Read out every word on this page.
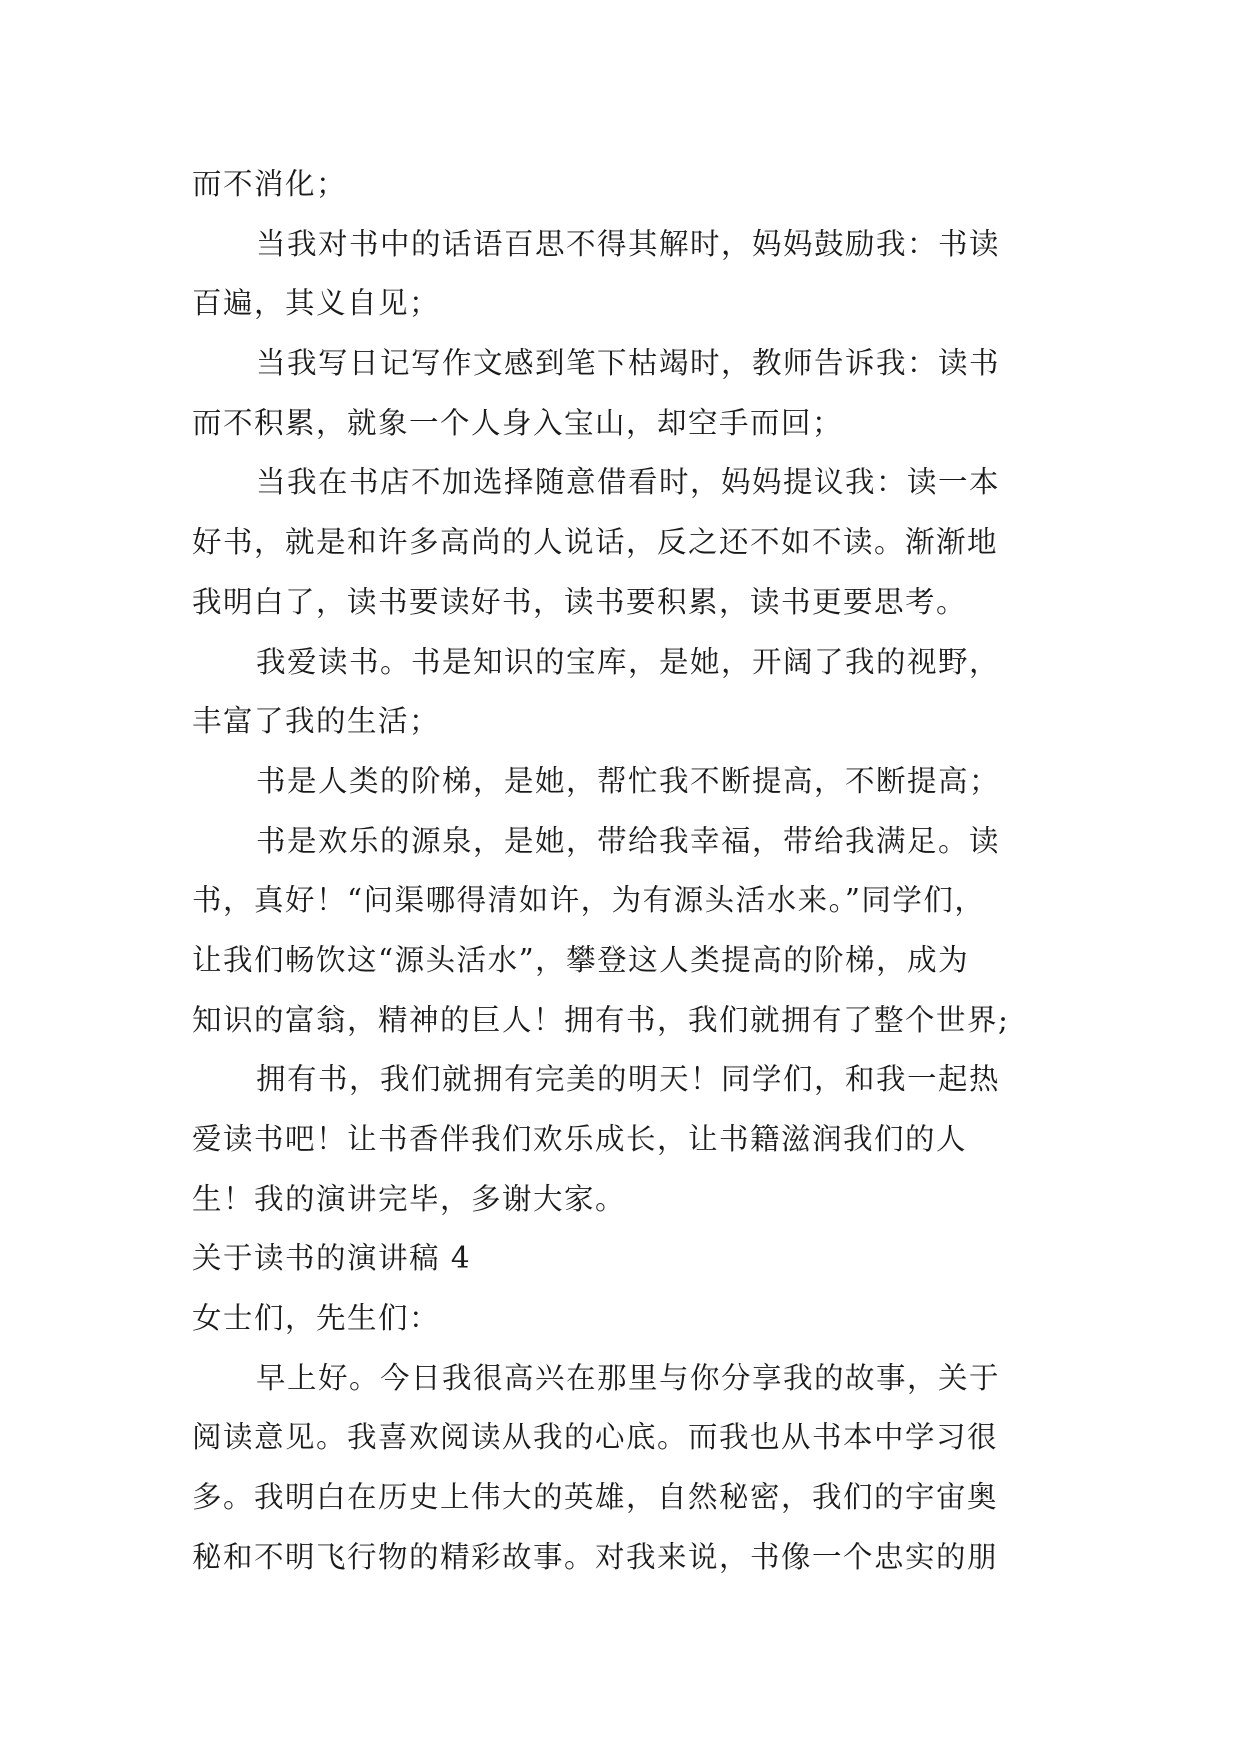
而不消化；
当我对书中的话语百思不得其解时，妈妈鼓励我：书读
百遍，其义自见；
当我写日记写作文感到笔下枯竭时，教师告诉我：读书
而不积累，就象一个人身入宝山，却空手而回；
当我在书店不加选择随意借看时，妈妈提议我：读一本
好书，就是和许多高尚的人说话，反之还不如不读。渐渐地
我明白了，读书要读好书，读书要积累，读书更要思考。
我爱读书。书是知识的宝库，是她，开阔了我的视野，
丰富了我的生活；
书是人类的阶梯，是她，帮忙我不断提高，不断提高；
书是欢乐的源泉，是她，带给我幸福，带给我满足。读
书，真好！“问渠哪得清如许，为有源头活水来。”同学们，
让我们畅饮这“源头活水”，攀登这人类提高的阶梯，成为
知识的富翁，精神的巨人！拥有书，我们就拥有了整个世界;
拥有书，我们就拥有完美的明天！同学们，和我一起热
爱读书吧！让书香伴我们欢乐成长，让书籍滋润我们的人
生！我的演讲完毕，多谢大家。
关于读书的演讲稿 4
女士们，先生们：
早上好。今日我很高兴在那里与你分享我的故事，关于
阅读意见。我喜欢阅读从我的心底。而我也从书本中学习很
多。我明白在历史上伟大的英雄，自然秘密，我们的宇宙奥
秘和不明飞行物的精彩故事。对我来说，书像一个忠实的朋
